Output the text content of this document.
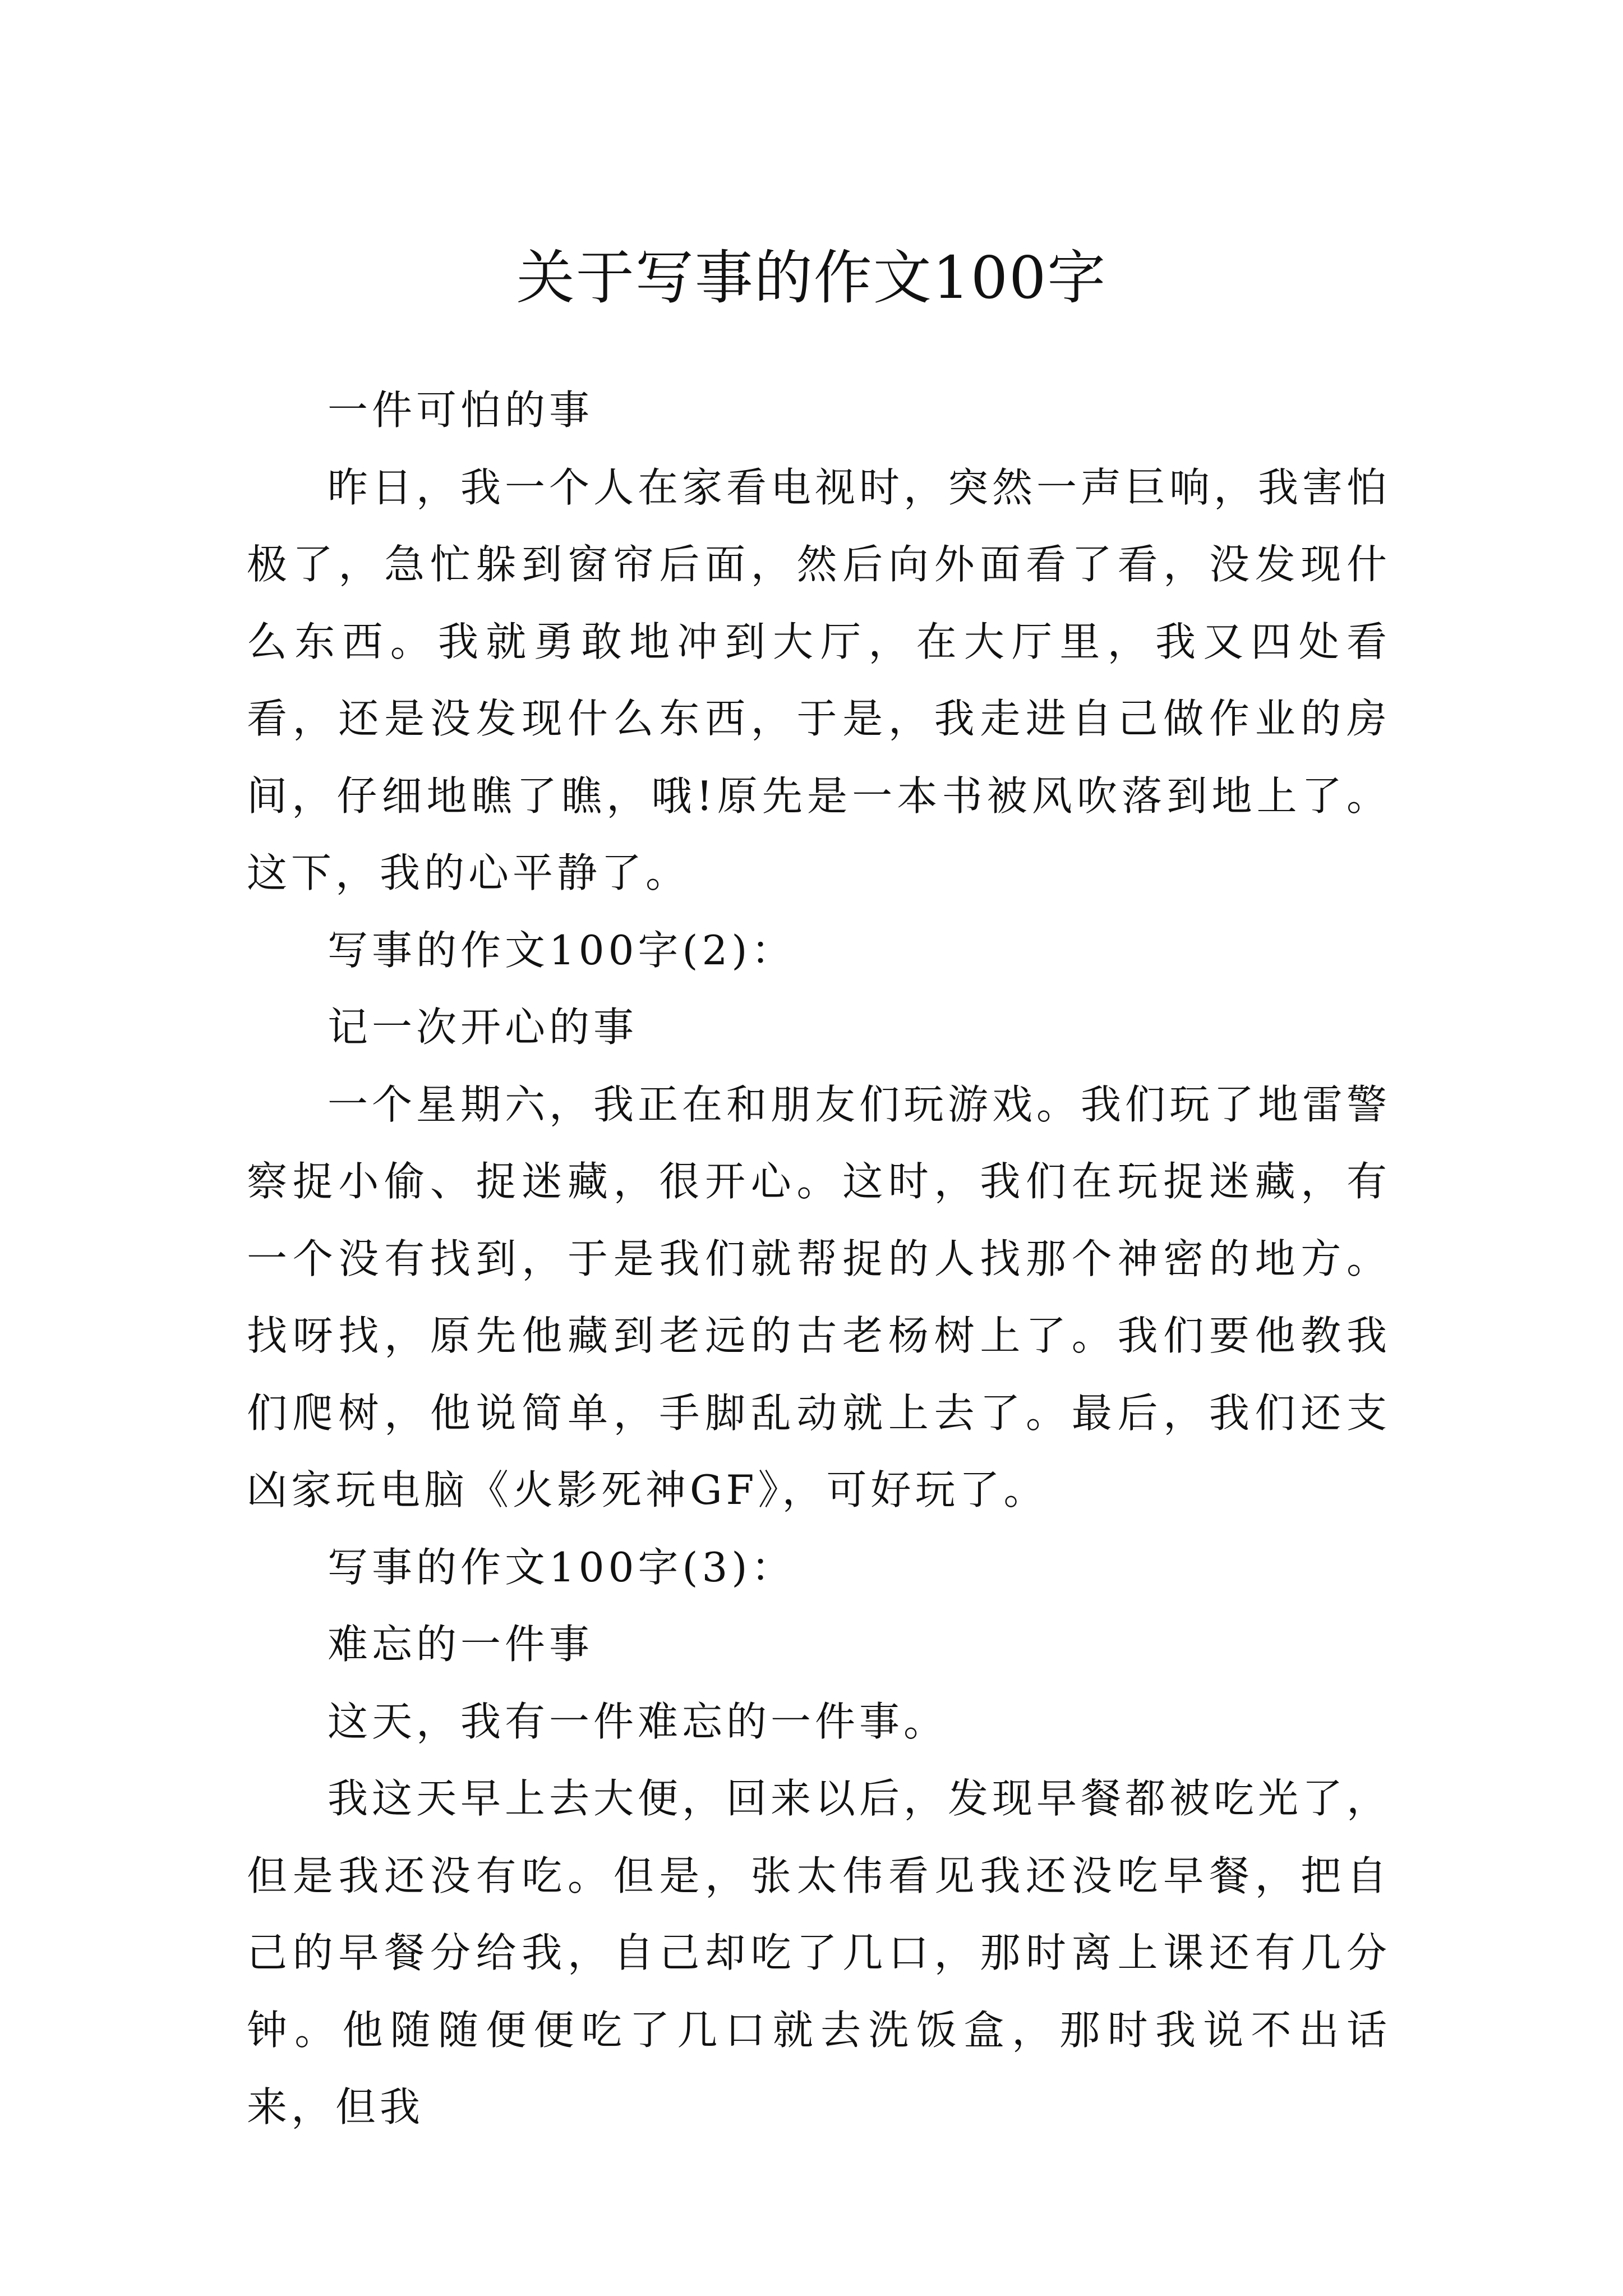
关于写事的作文100字

一件可怕的事

昨日，我一个人在家看电视时，突然一声巨响，我害怕极了，急忙躲到窗帘后面，然后向外面看了看，没发现什么东西。我就勇敢地冲到大厅，在大厅里，我又四处看看，还是没发现什么东西，于是，我走进自己做作业的房间，仔细地瞧了瞧，哦!原先是一本书被风吹落到地上了。这下，我的心平静了。

写事的作文100字(2)：

记一次开心的事

一个星期六，我正在和朋友们玩游戏。我们玩了地雷警察捉小偷、捉迷藏，很开心。这时，我们在玩捉迷藏，有一个没有找到，于是我们就帮捉的人找那个神密的地方。找呀找，原先他藏到老远的古老杨树上了。我们要他教我们爬树，他说简单，手脚乱动就上去了。最后，我们还支凶家玩电脑《火影死神GF》，可好玩了。

写事的作文100字(3)：

难忘的一件事

这天，我有一件难忘的一件事。

我这天早上去大便，回来以后，发现早餐都被吃光了，但是我还没有吃。但是，张太伟看见我还没吃早餐，把自己的早餐分给我，自己却吃了几口，那时离上课还有几分钟。他随随便便吃了几口就去洗饭盒，那时我说不出话来，但我
